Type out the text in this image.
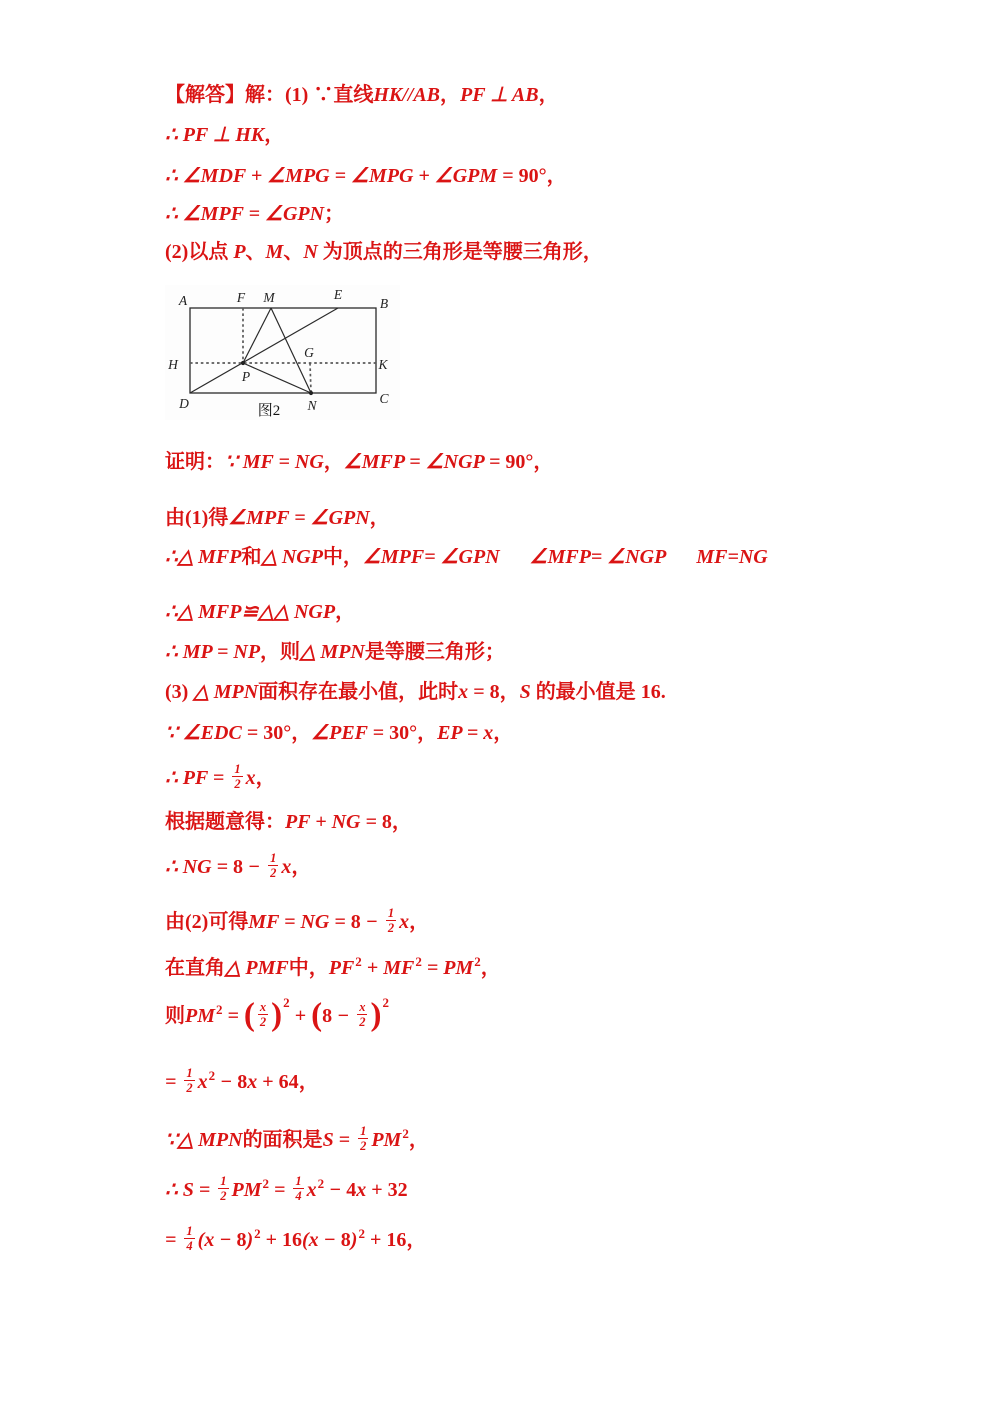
【解答】解：(1) ∵直线HK//AB，PF ⊥ AB，
∴ PF ⊥ HK，
∴ ∠MDF + ∠MPG = ∠MPG + ∠GPM = 90°，
∴ ∠MPF = ∠GPN；
(2)以点 P、M、N 为顶点的三角形是等腰三角形，
A	F M	E
B
H	K
P
G
D	N	C
图2
证明：∵ MF = NG，∠MFP = ∠NGP = 90°，
由(1)得∠MPF = ∠GPN，
∴△ MFP和△ NGP中，∠MPF= ∠GPN ∠MFP= ∠NGP MF=NG
∴△ MFP≌△△ NGP，
∴ MP = NP，则△ MPN是等腰三角形；
(3) △ MPN面积存在最小值，此时x = 8，S 的最小值是 16.
∵ ∠EDC = 30°，∠PEF = 30°，EP = x，
∴ PF = $\frac{1}{2}$ x，
根据题意得：PF + NG = 8，
∴ NG = $8 - \frac{1}{2}$ x，
由(2)可得MF = NG = $8 - \frac{1}{2}$ x，
在直角△ PMF中，PF2 + MF2 = PM2，
则PM2 = ( $\frac{x}{2} )2 + (8 - \frac{x}{2} )2$
= $\frac{1}{2} x2 - 8x + 64$，
∵△ MPN的面积是$S = \frac{1}{2} PM2$，
∴ $S = \frac{1}{2} PM2 = \frac{1}{4} x2 - 4x + 32$
= $\frac{1}{4} (x - 8)2 + 16(x - 8)2 + 16$，
